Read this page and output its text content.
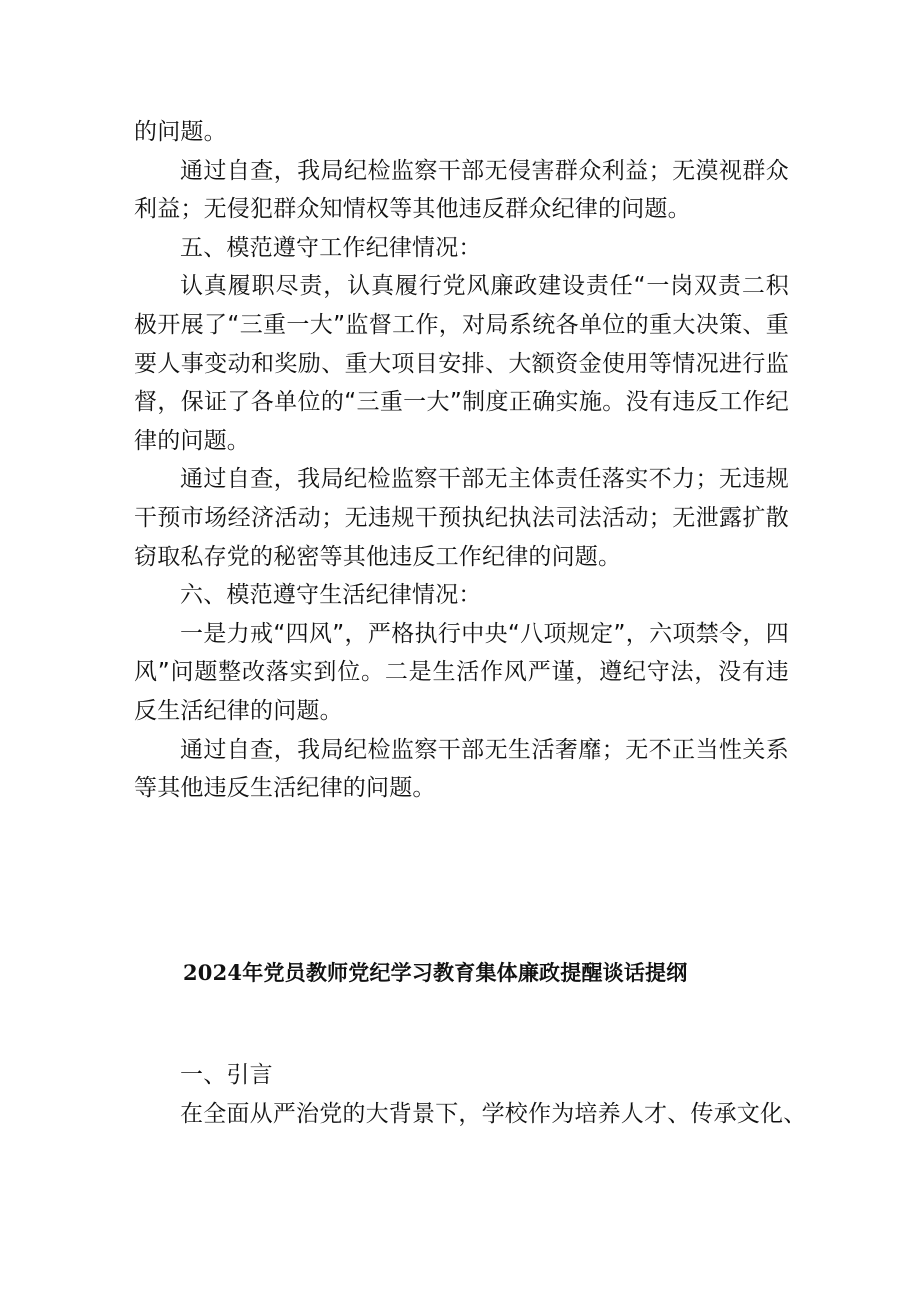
的问题。

通过自查，我局纪检监察干部无侵害群众利益；无漠视群众利益；无侵犯群众知情权等其他违反群众纪律的问题。

五、模范遵守工作纪律情况：

认真履职尽责，认真履行党风廉政建设责任“一岗双责二积极开展了“三重一大”监督工作，对局系统各单位的重大决策、重要人事变动和奖励、重大项目安排、大额资金使用等情况进行监督，保证了各单位的“三重一大”制度正确实施。没有违反工作纪律的问题。

通过自查，我局纪检监察干部无主体责任落实不力；无违规干预市场经济活动；无违规干预执纪执法司法活动；无泄露扩散窃取私存党的秘密等其他违反工作纪律的问题。

六、模范遵守生活纪律情况：

一是力戒“四风”，严格执行中央“八项规定”，六项禁令，四风”问题整改落实到位。二是生活作风严谨，遵纪守法，没有违反生活纪律的问题。

通过自查，我局纪检监察干部无生活奢靡；无不正当性关系等其他违反生活纪律的问题。

2024年党员教师党纪学习教育集体廉政提醒谈话提纲

一、引言

在全面从严治党的大背景下，学校作为培养人才、传承文化、
